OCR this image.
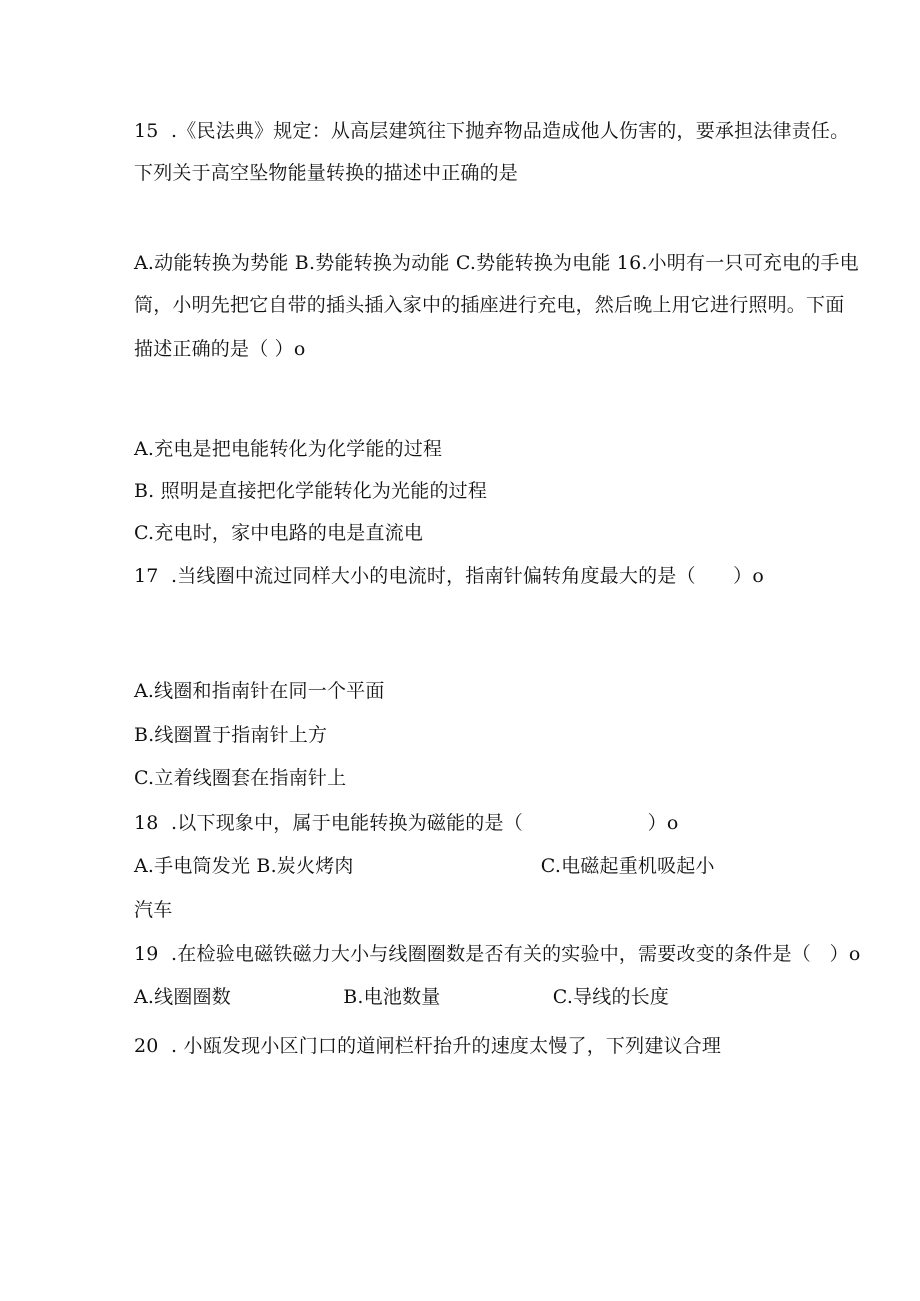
15  .《民法典》规定：从高层建筑往下抛弃物品造成他人伤害的，要承担法律责任。
下列关于高空坠物能量转换的描述中正确的是
A.动能转换为势能 B.势能转换为动能 C.势能转换为电能 16.小明有一只可充电的手电
筒，小明先把它自带的插头插入家中的插座进行充电，然后晚上用它进行照明。下面
描述正确的是（ ）o
A.充电是把电能转化为化学能的过程
B. 照明是直接把化学能转化为光能的过程
C.充电时，家中电路的电是直流电
17  .当线圈中流过同样大小的电流时，指南针偏转角度最大的是（      ）o
A.线圈和指南针在同一个平面
B.线圈置于指南针上方
C.立着线圈套在指南针上
18  .以下现象中，属于电能转换为磁能的是（                    ）o
A.手电筒发光 B.炭火烤肉                              C.电磁起重机吸起小
汽车
19  .在检验电磁铁磁力大小与线圈圈数是否有关的实验中，需要改变的条件是（   ）o
A.线圈圈数                  B.电池数量                  C.导线的长度
20  . 小瓯发现小区门口的道闸栏杆抬升的速度太慢了，下列建议合理
